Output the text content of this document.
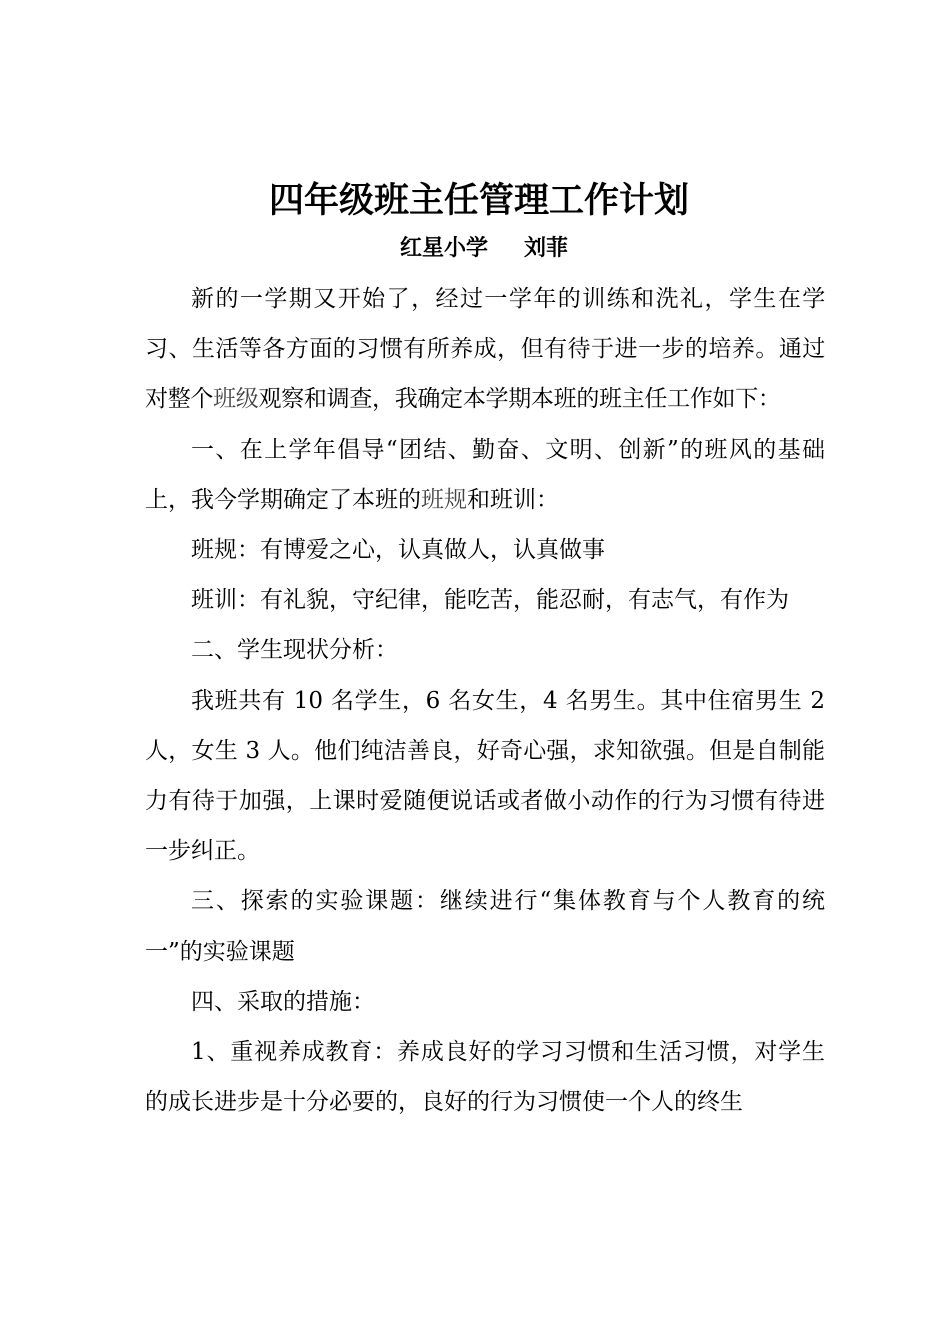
四年级班主任管理工作计划
红星小学 刘菲

新的一学期又开始了，经过一学年的训练和洗礼，学生在学习、生活等各方面的习惯有所养成，但有待于进一步的培养。通过对整个班级观察和调查，我确定本学期本班的班主任工作如下：

一、在上学年倡导“团结、勤奋、文明、创新”的班风的基础上，我今学期确定了本班的班规和班训：

班规：有博爱之心，认真做人，认真做事

班训：有礼貌，守纪律，能吃苦，能忍耐，有志气，有作为

二、学生现状分析：

我班共有 10 名学生，6 名女生，4 名男生。其中住宿男生 2 人，女生 3 人。他们纯洁善良，好奇心强，求知欲强。但是自制能力有待于加强，上课时爱随便说话或者做小动作的行为习惯有待进一步纠正。

三、探索的实验课题：继续进行“集体教育与个人教育的统一”的实验课题

四、采取的措施：

1、重视养成教育：养成良好的学习习惯和生活习惯，对学生的成长进步是十分必要的，良好的行为习惯使一个人的终生
